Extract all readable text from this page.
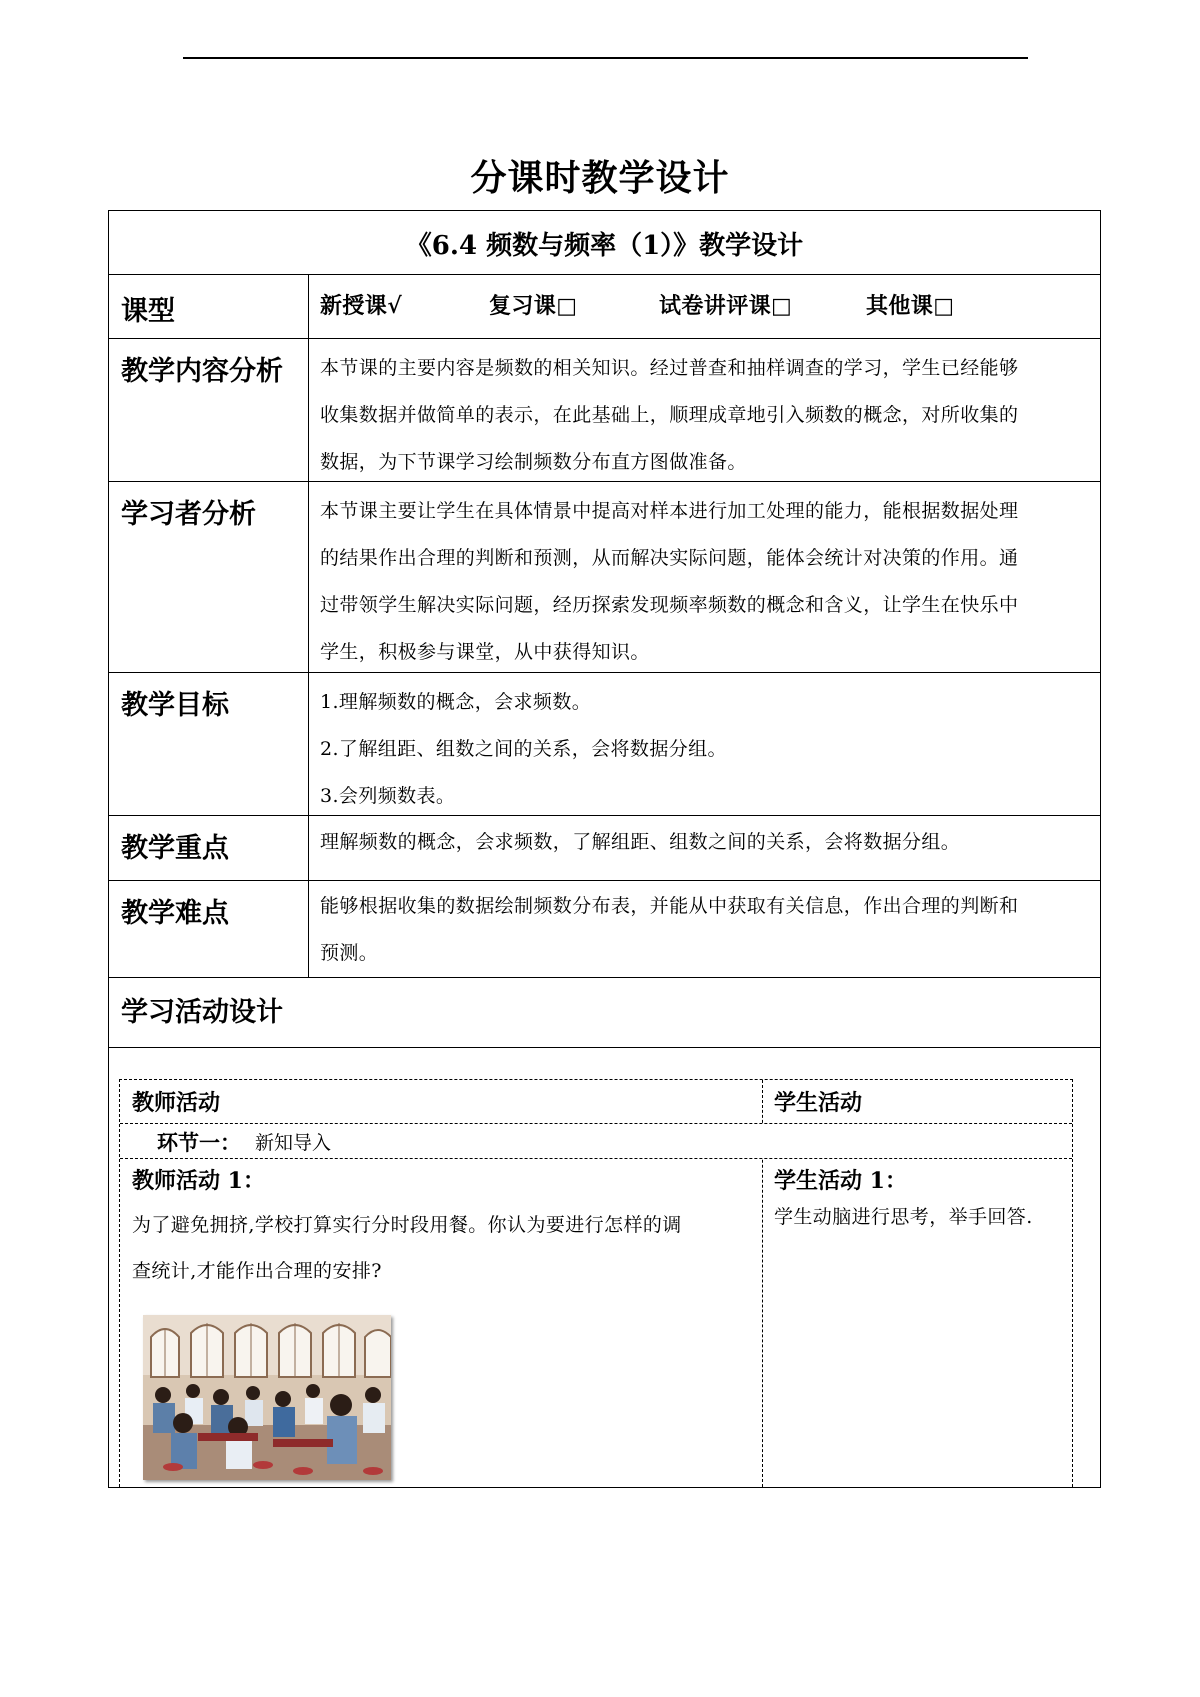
分课时教学设计
《6.4 频数与频率（1）》教学设计
课型	新授课√	复习课□	试卷讲评课□	其他课□
教学内容分析	本节课的主要内容是频数的相关知识。经过普查和抽样调查的学习，学生已经能够
收集数据并做简单的表示，在此基础上，顺理成章地引入频数的概念，对所收集的
数据，为下节课学习绘制频数分布直方图做准备。
学习者分析	本节课主要让学生在具体情景中提高对样本进行加工处理的能力，能根据数据处理
的结果作出合理的判断和预测，从而解决实际问题，能体会统计对决策的作用。通
过带领学生解决实际问题，经历探索发现频率频数的概念和含义，让学生在快乐中
学生，积极参与课堂，从中获得知识。
教学目标	1.理解频数的概念，会求频数。
2.了解组距、组数之间的关系，会将数据分组。
3.会列频数表。
教学重点	理解频数的概念，会求频数，了解组距、组数之间的关系，会将数据分组。
教学难点	能够根据收集的数据绘制频数分布表，并能从中获取有关信息，作出合理的判断和
预测。
学习活动设计
教师活动	学生活动
环节一： 新知导入
教师活动 1：
为了避免拥挤,学校打算实行分时段用餐。你认为要进行怎样的调
查统计,才能作出合理的安排?
学生活动 1：
学生动脑进行思考，举手回答.
